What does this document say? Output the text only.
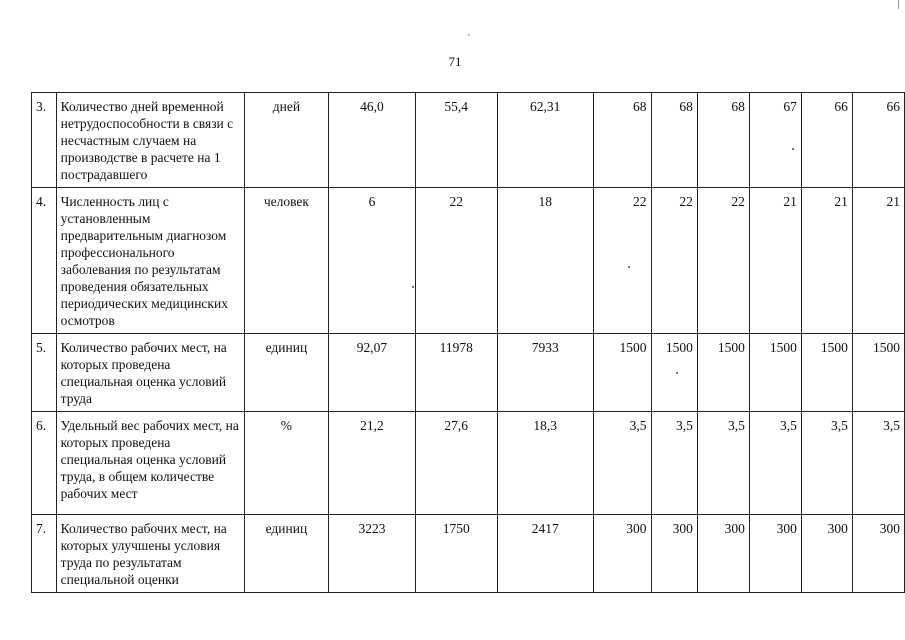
71
3.	Количество дней временной нетрудоспособности в связи с несчастным случаем на производстве в расчете на 1 пострадавшего	дней	46,0	55,4	62,31	68	68	68	67	66	66
4.	Численность лиц с установленным предварительным диагнозом профессионального заболевания по результатам проведения обязательных периодических медицинских осмотров	человек	6	22	18	22	22	22	21	21	21
5.	Количество рабочих мест, на которых проведена специальная оценка условий труда	единиц	92,07	11978	7933	1500	1500	1500	1500	1500	1500
6.	Удельный вес рабочих мест, на которых проведена специальная оценка условий труда, в общем количестве рабочих мест	%	21,2	27,6	18,3	3,5	3,5	3,5	3,5	3,5	3,5
7.	Количество рабочих мест, на которых улучшены условия труда по результатам специальной оценки	единиц	3223	1750	2417	300	300	300	300	300	300
